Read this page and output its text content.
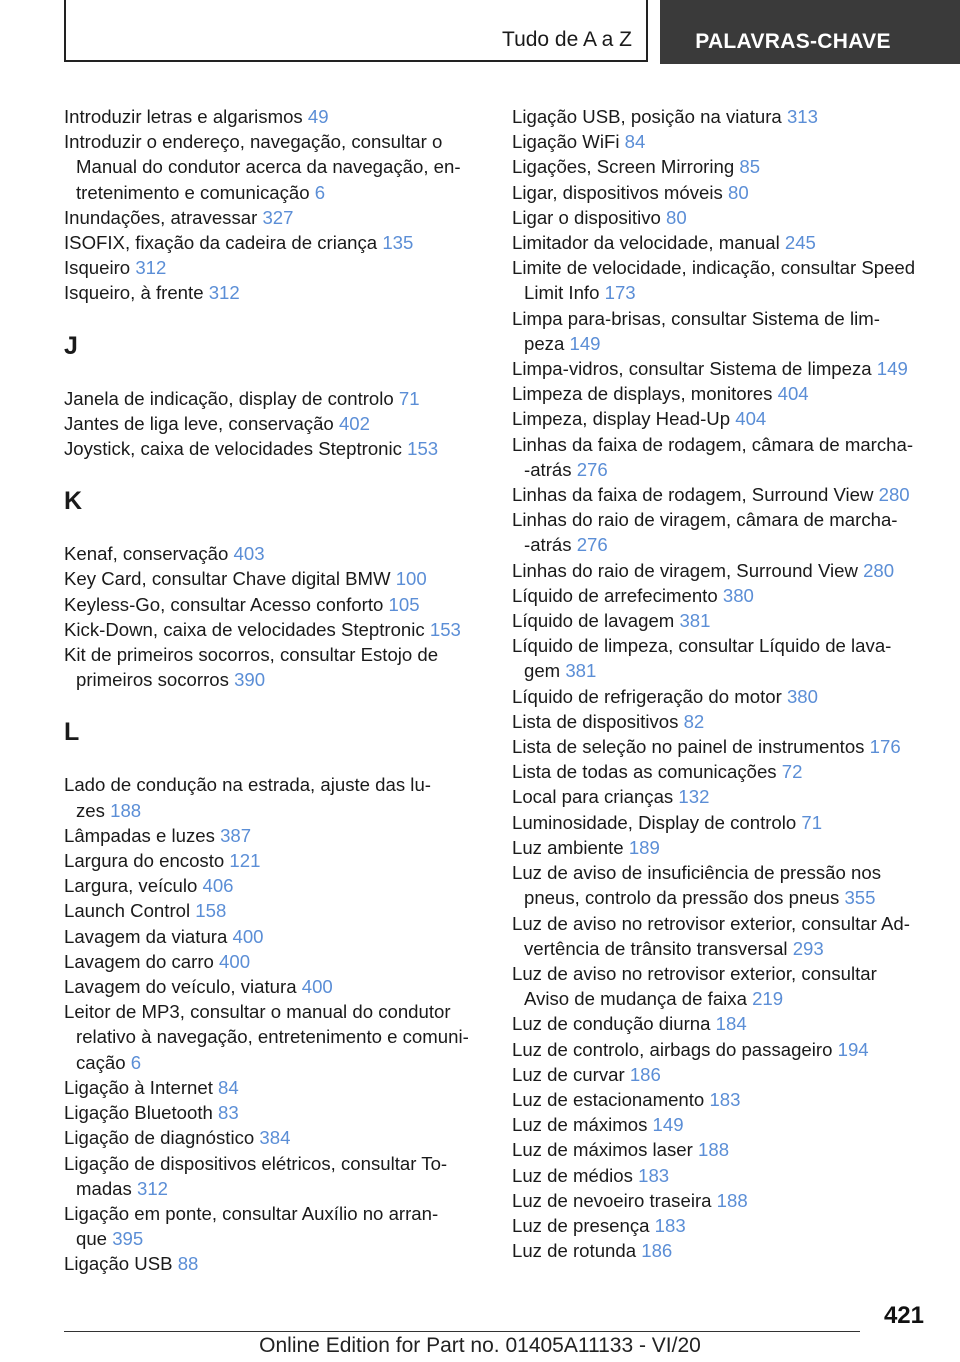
Tudo de A a Z	PALAVRAS-CHAVE
Introduzir letras e algarismos 49
Introduzir o endereço, navegação, consultar o
Manual do condutor acerca da navegação, en‐
tretenimento e comunicação 6
Inundações, atravessar 327
ISOFIX, fixação da cadeira de criança 135
Isqueiro 312
Isqueiro, à frente 312
J
Janela de indicação, display de controlo 71
Jantes de liga leve, conservação 402
Joystick, caixa de velocidades Steptronic 153
K
Kenaf, conservação 403
Key Card, consultar Chave digital BMW 100
Keyless-Go, consultar Acesso conforto 105
Kick-Down, caixa de velocidades Steptronic 153
Kit de primeiros socorros, consultar Estojo de
primeiros socorros 390
L
Lado de condução na estrada, ajuste das lu‐
zes 188
Lâmpadas e luzes 387
Largura do encosto 121
Largura, veículo 406
Launch Control 158
Lavagem da viatura 400
Lavagem do carro 400
Lavagem do veículo, viatura 400
Leitor de MP3, consultar o manual do condutor
relativo à navegação, entretenimento e comuni‐
cação 6
Ligação à Internet 84
Ligação Bluetooth 83
Ligação de diagnóstico 384
Ligação de dispositivos elétricos, consultar To‐
madas 312
Ligação em ponte, consultar Auxílio no arran‐
que 395
Ligação USB 88
Ligação USB, posição na viatura 313
Ligação WiFi 84
Ligações, Screen Mirroring 85
Ligar, dispositivos móveis 80
Ligar o dispositivo 80
Limitador da velocidade, manual 245
Limite de velocidade, indicação, consultar Speed
Limit Info 173
Limpa para-brisas, consultar Sistema de lim‐
peza 149
Limpa-vidros, consultar Sistema de limpeza 149
Limpeza de displays, monitores 404
Limpeza, display Head-Up 404
Linhas da faixa de rodagem, câmara de marcha-
-atrás 276
Linhas da faixa de rodagem, Surround View 280
Linhas do raio de viragem, câmara de marcha-
-atrás 276
Linhas do raio de viragem, Surround View 280
Líquido de arrefecimento 380
Líquido de lavagem 381
Líquido de limpeza, consultar Líquido de lava‐
gem 381
Líquido de refrigeração do motor 380
Lista de dispositivos 82
Lista de seleção no painel de instrumentos 176
Lista de todas as comunicações 72
Local para crianças 132
Luminosidade, Display de controlo 71
Luz ambiente 189
Luz de aviso de insuficiência de pressão nos
pneus, controlo da pressão dos pneus 355
Luz de aviso no retrovisor exterior, consultar Ad‐
vertência de trânsito transversal 293
Luz de aviso no retrovisor exterior, consultar
Aviso de mudança de faixa 219
Luz de condução diurna 184
Luz de controlo, airbags do passageiro 194
Luz de curvar 186
Luz de estacionamento 183
Luz de máximos 149
Luz de máximos laser 188
Luz de médios 183
Luz de nevoeiro traseira 188
Luz de presença 183
Luz de rotunda 186
421
Online Edition for Part no. 01405A11133 - VI/20
